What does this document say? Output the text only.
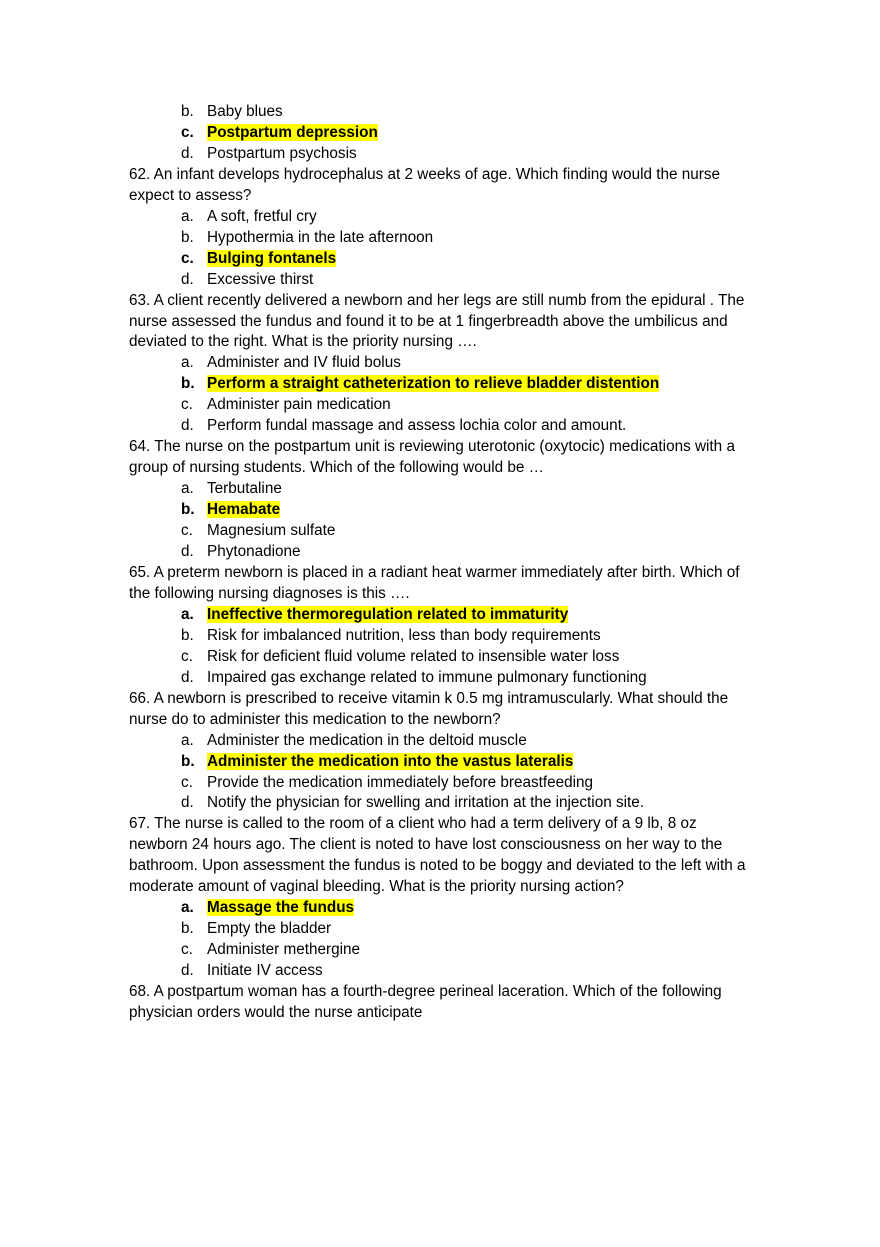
b. Baby blues
c. Postpartum depression
d. Postpartum psychosis

62. An infant develops hydrocephalus at 2 weeks of age. Which finding would the nurse

expect to assess?

a. A soft, fretful cry
b. Hypothermia in the late afternoon
c. Bulging fontanels
d. Excessive thirst

63. A client recently delivered a newborn and her legs are still numb from the epidural . The

nurse assessed the fundus and found it to be at 1 fingerbreadth above the umbilicus and

deviated to the right. What is the priority nursing ….

a. Administer and IV fluid bolus
b. Perform a straight catheterization to relieve bladder distention
c. Administer pain medication
d. Perform fundal massage and assess lochia color and amount.

64. The nurse on the postpartum unit is reviewing uterotonic (oxytocic) medications with a

group of nursing students. Which of the following would be …

a. Terbutaline
b. Hemabate
c. Magnesium sulfate
d. Phytonadione

65. A preterm newborn is placed in a radiant heat warmer immediately after birth. Which of

the following nursing diagnoses is this ….

a. Ineffective thermoregulation related to immaturity
b. Risk for imbalanced nutrition, less than body requirements
c. Risk for deficient fluid volume related to insensible water loss
d. Impaired gas exchange related to immune pulmonary functioning

66. A newborn is prescribed to receive vitamin k 0.5 mg intramuscularly. What should the

nurse do to administer this medication to the newborn?

a. Administer the medication in the deltoid muscle
b. Administer the medication into the vastus lateralis
c. Provide the medication immediately before breastfeeding
d. Notify the physician for swelling and irritation at the injection site.

67. The nurse is called to the room of a client who had a term delivery of a 9 lb, 8 oz

newborn 24 hours ago. The client is noted to have lost consciousness on her way to the

bathroom. Upon assessment the fundus is noted to be boggy and deviated to the left with a

moderate amount of vaginal bleeding. What is the priority nursing action?

a. Massage the fundus
b. Empty the bladder
c. Administer methergine
d. Initiate IV access

68. A postpartum woman has a fourth-degree perineal laceration. Which of the following

physician orders would the nurse anticipate
